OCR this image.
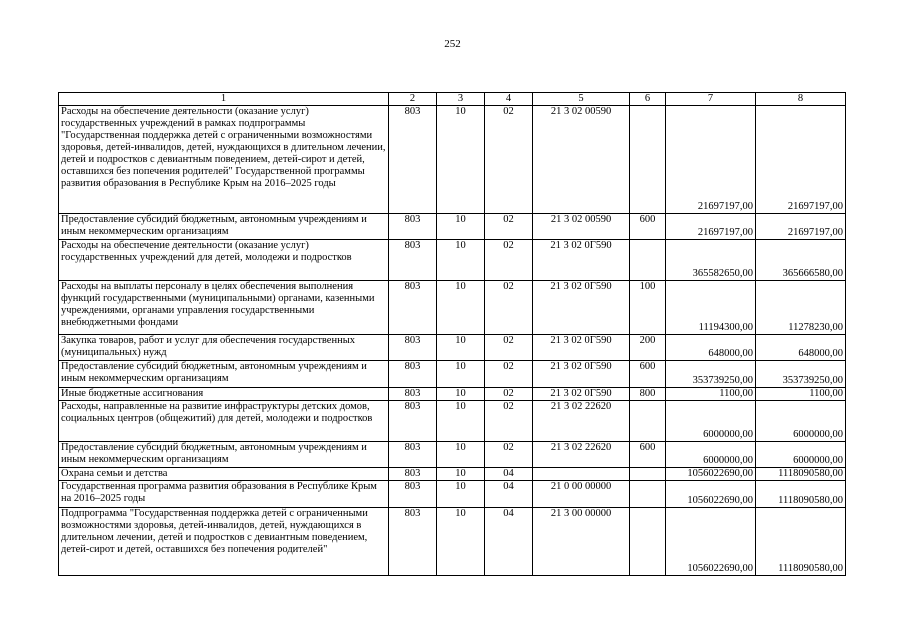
252
1	2	3	4	5	6	7	8
Расходы на обеспечение деятельности (оказание услуг) государственных учреждений в рамках подпрограммы "Государственная поддержка детей с ограниченными возможностями здоровья, детей-инвалидов, детей, нуждающихся в длительном лечении, детей и подростков с девиантным поведением, детей-сирот и детей, оставшихся без попечения родителей" Государственной программы развития образования в Республике Крым на 2016–2025 годы	803	10	02	21 3 02 00590		21697197,00	21697197,00
Предоставление субсидий бюджетным, автономным учреждениям и иным некоммерческим организациям	803	10	02	21 3 02 00590	600	21697197,00	21697197,00
Расходы на обеспечение деятельности (оказание услуг) государственных учреждений для детей, молодежи и подростков	803	10	02	21 3 02 0Г590		365582650,00	365666580,00
Расходы на выплаты персоналу в целях обеспечения выполнения функций государственными (муниципальными) органами, казенными учреждениями, органами управления государственными внебюджетными фондами	803	10	02	21 3 02 0Г590	100	11194300,00	11278230,00
Закупка товаров, работ и услуг для обеспечения государственных (муниципальных) нужд	803	10	02	21 3 02 0Г590	200	648000,00	648000,00
Предоставление субсидий бюджетным, автономным учреждениям и иным некоммерческим организациям	803	10	02	21 3 02 0Г590	600	353739250,00	353739250,00
Иные бюджетные ассигнования	803	10	02	21 3 02 0Г590	800	1100,00	1100,00
Расходы, направленные на развитие инфраструктуры детских домов, социальных центров (общежитий) для детей, молодежи и подростков	803	10	02	21 3 02 22620		6000000,00	6000000,00
Предоставление субсидий бюджетным, автономным учреждениям и иным некоммерческим организациям	803	10	02	21 3 02 22620	600	6000000,00	6000000,00
Охрана семьи и детства	803	10	04			1056022690,00	1118090580,00
Государственная программа развития образования в Республике Крым на 2016–2025 годы	803	10	04	21 0 00 00000		1056022690,00	1118090580,00
Подпрограмма "Государственная поддержка детей с ограниченными возможностями здоровья, детей-инвалидов, детей, нуждающихся в длительном лечении, детей и подростков с девиантным поведением, детей-сирот и детей, оставшихся без попечения родителей"	803	10	04	21 3 00 00000		1056022690,00	1118090580,00
